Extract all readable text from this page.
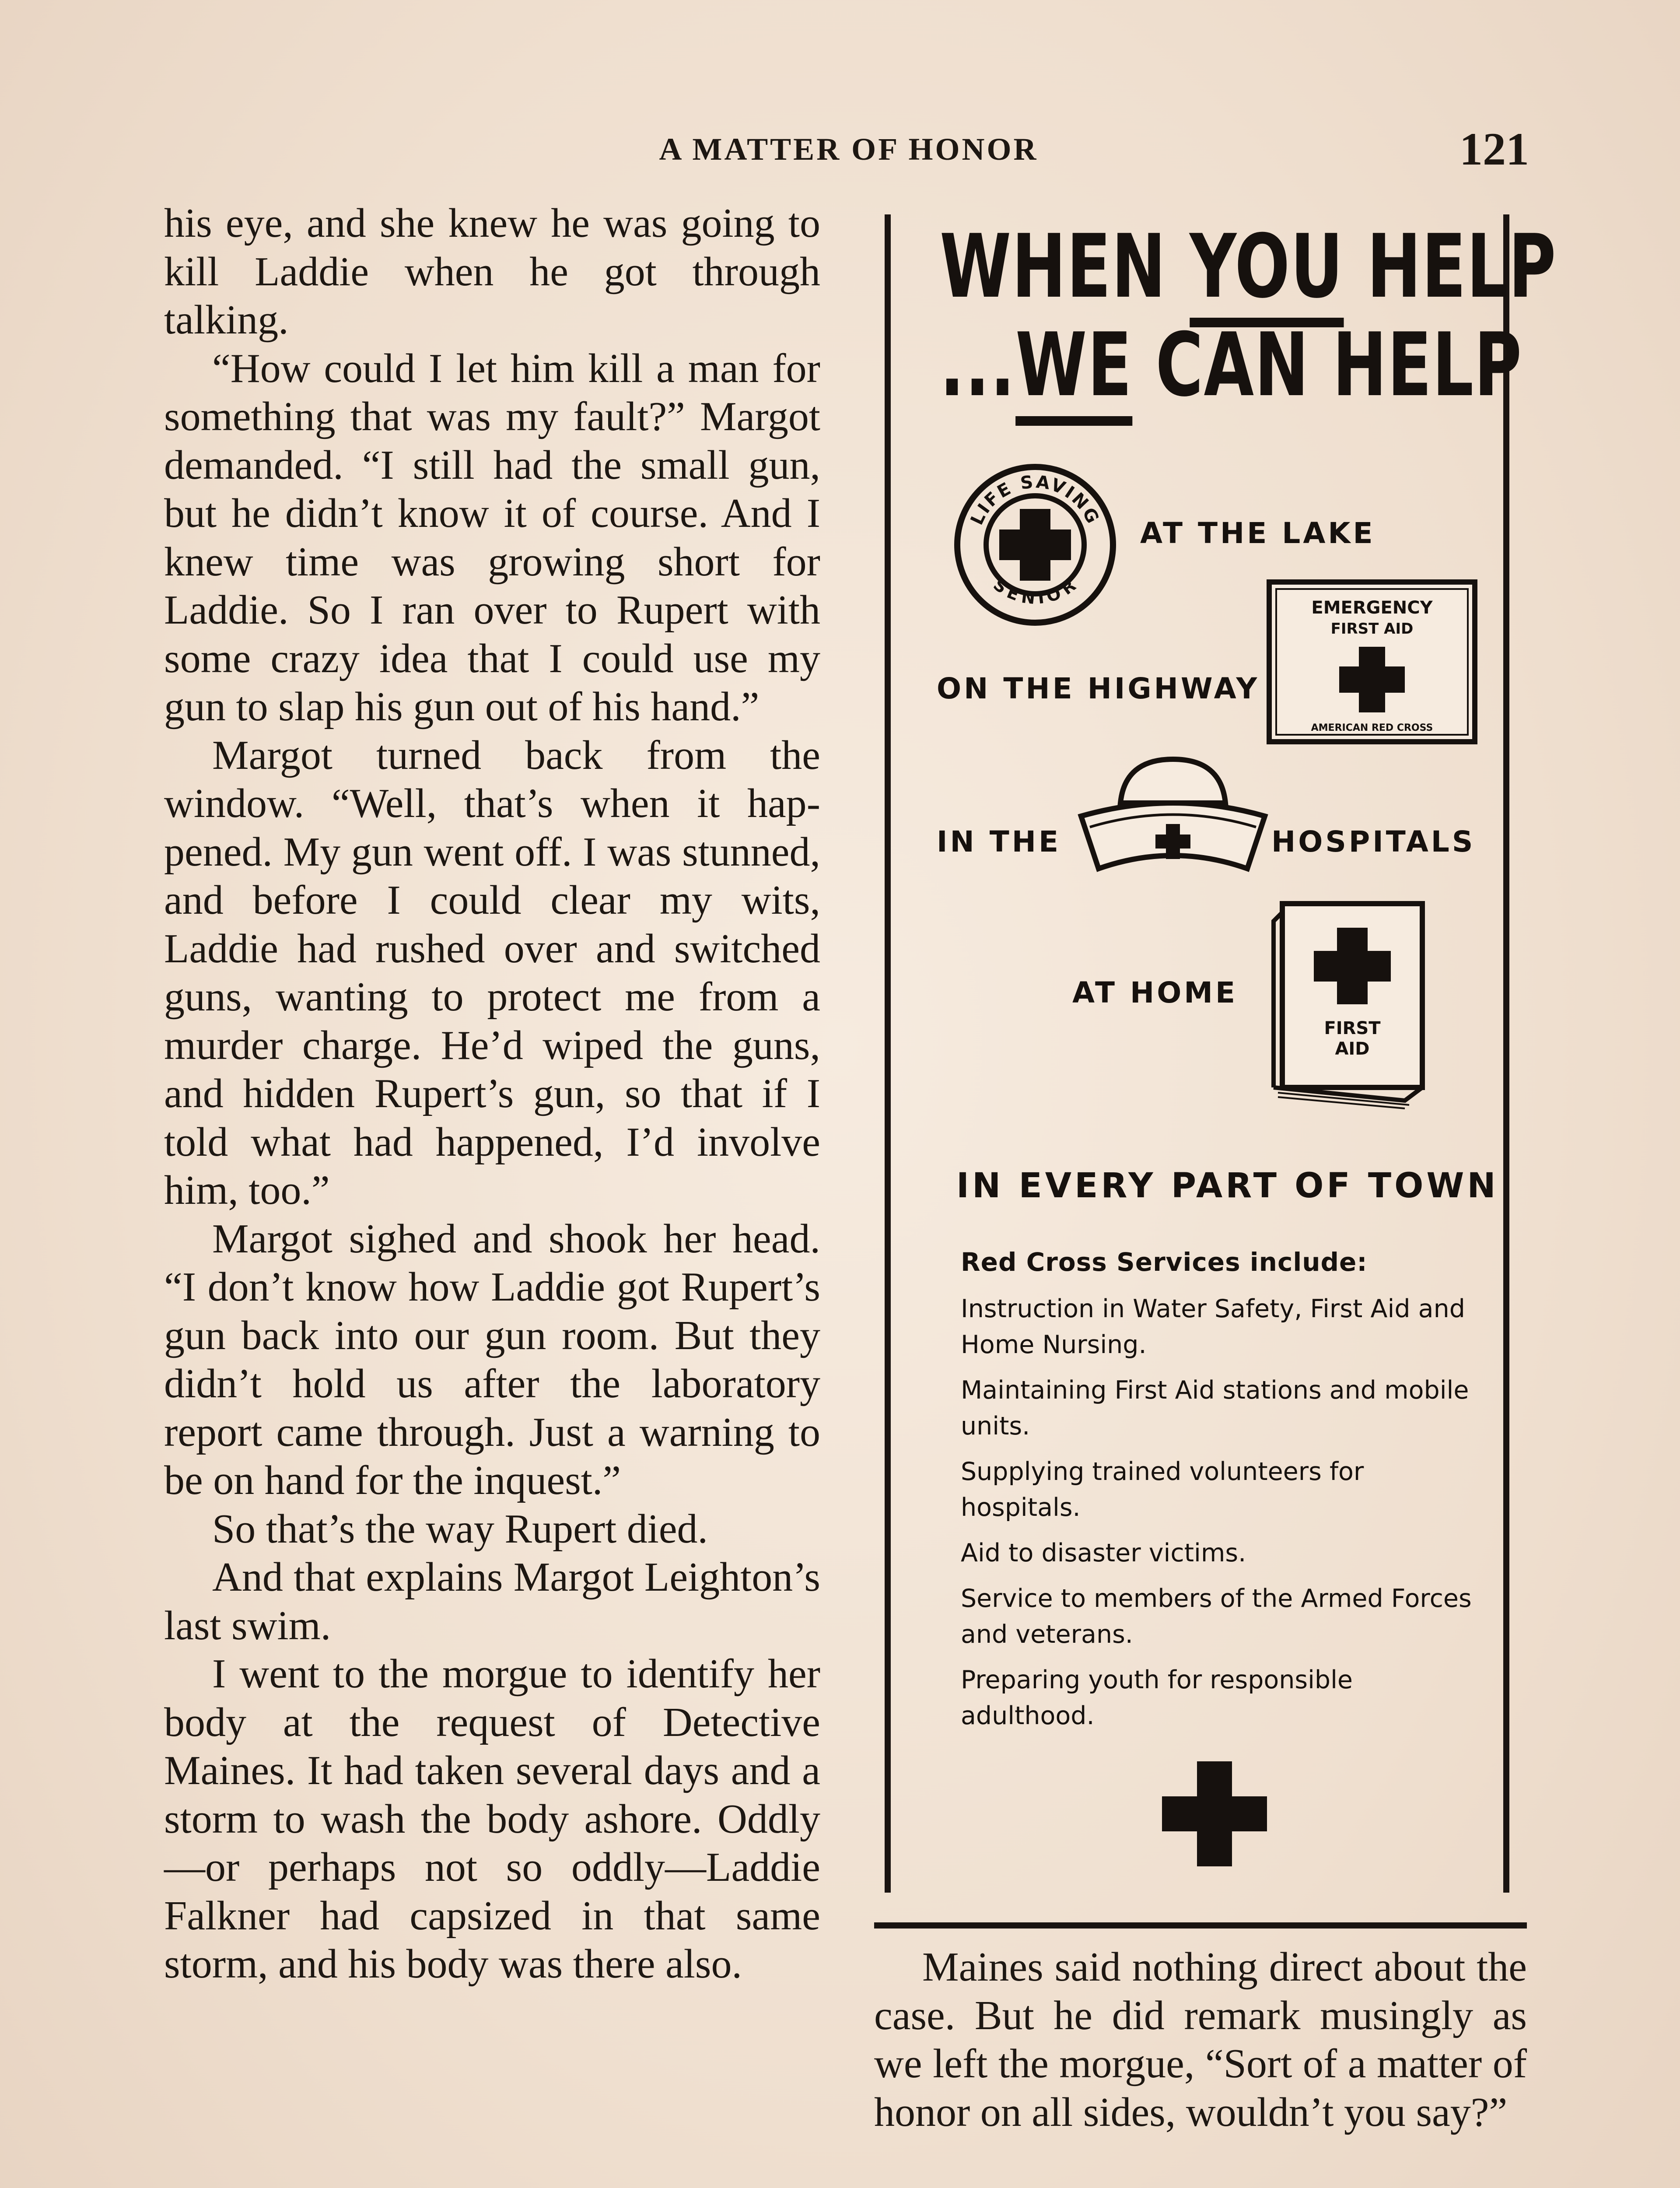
A MATTER OF HONOR	121

his eye, and she knew he was going to kill Laddie when he got through talking.

“How could I let him kill a man for something that was my fault?” Margot demanded. “I still had the small gun, but he didn’t know it of course. And I knew time was growing short for Laddie. So I ran over to Rupert with some crazy idea that I could use my gun to slap his gun out of his hand.”

Margot turned back from the window. “Well, that’s when it happened. My gun went off. I was stunned, and before I could clear my wits, Laddie had rushed over and switched guns, wanting to protect me from a murder charge. He’d wiped the guns, and hidden Rupert’s gun, so that if I told what had happened, I’d involve him, too.”

Margot sighed and shook her head. “I don’t know how Laddie got Rupert’s gun back into our gun room. But they didn’t hold us after the laboratory report came through. Just a warning to be on hand for the inquest.”

So that’s the way Rupert died.

And that explains Margot Leighton’s last swim.

I went to the morgue to identify her body at the request of Detective Maines. It had taken several days and a storm to wash the body ashore. Oddly—or perhaps not so oddly—Laddie Falkner had capsized in that same storm, and his body was there also.

WHEN YOU HELP
...WE CAN HELP
LIFE SAVING
SENIOR
AT THE LAKE
EMERGENCY
FIRST AID
AMERICAN RED CROSS
ON THE HIGHWAY
IN THE	HOSPITALS
AT HOME
FIRST
AID
IN EVERY PART OF TOWN
Red Cross Services include:
Instruction in Water Safety, First Aid and Home Nursing.
Maintaining First Aid stations and mobile units.
Supplying trained volunteers for hospitals.
Aid to disaster victims.
Service to members of the Armed Forces and veterans.
Preparing youth for responsible adulthood.

Maines said nothing direct about the case. But he did remark musingly as we left the morgue, “Sort of a matter of honor on all sides, wouldn’t you say?”
